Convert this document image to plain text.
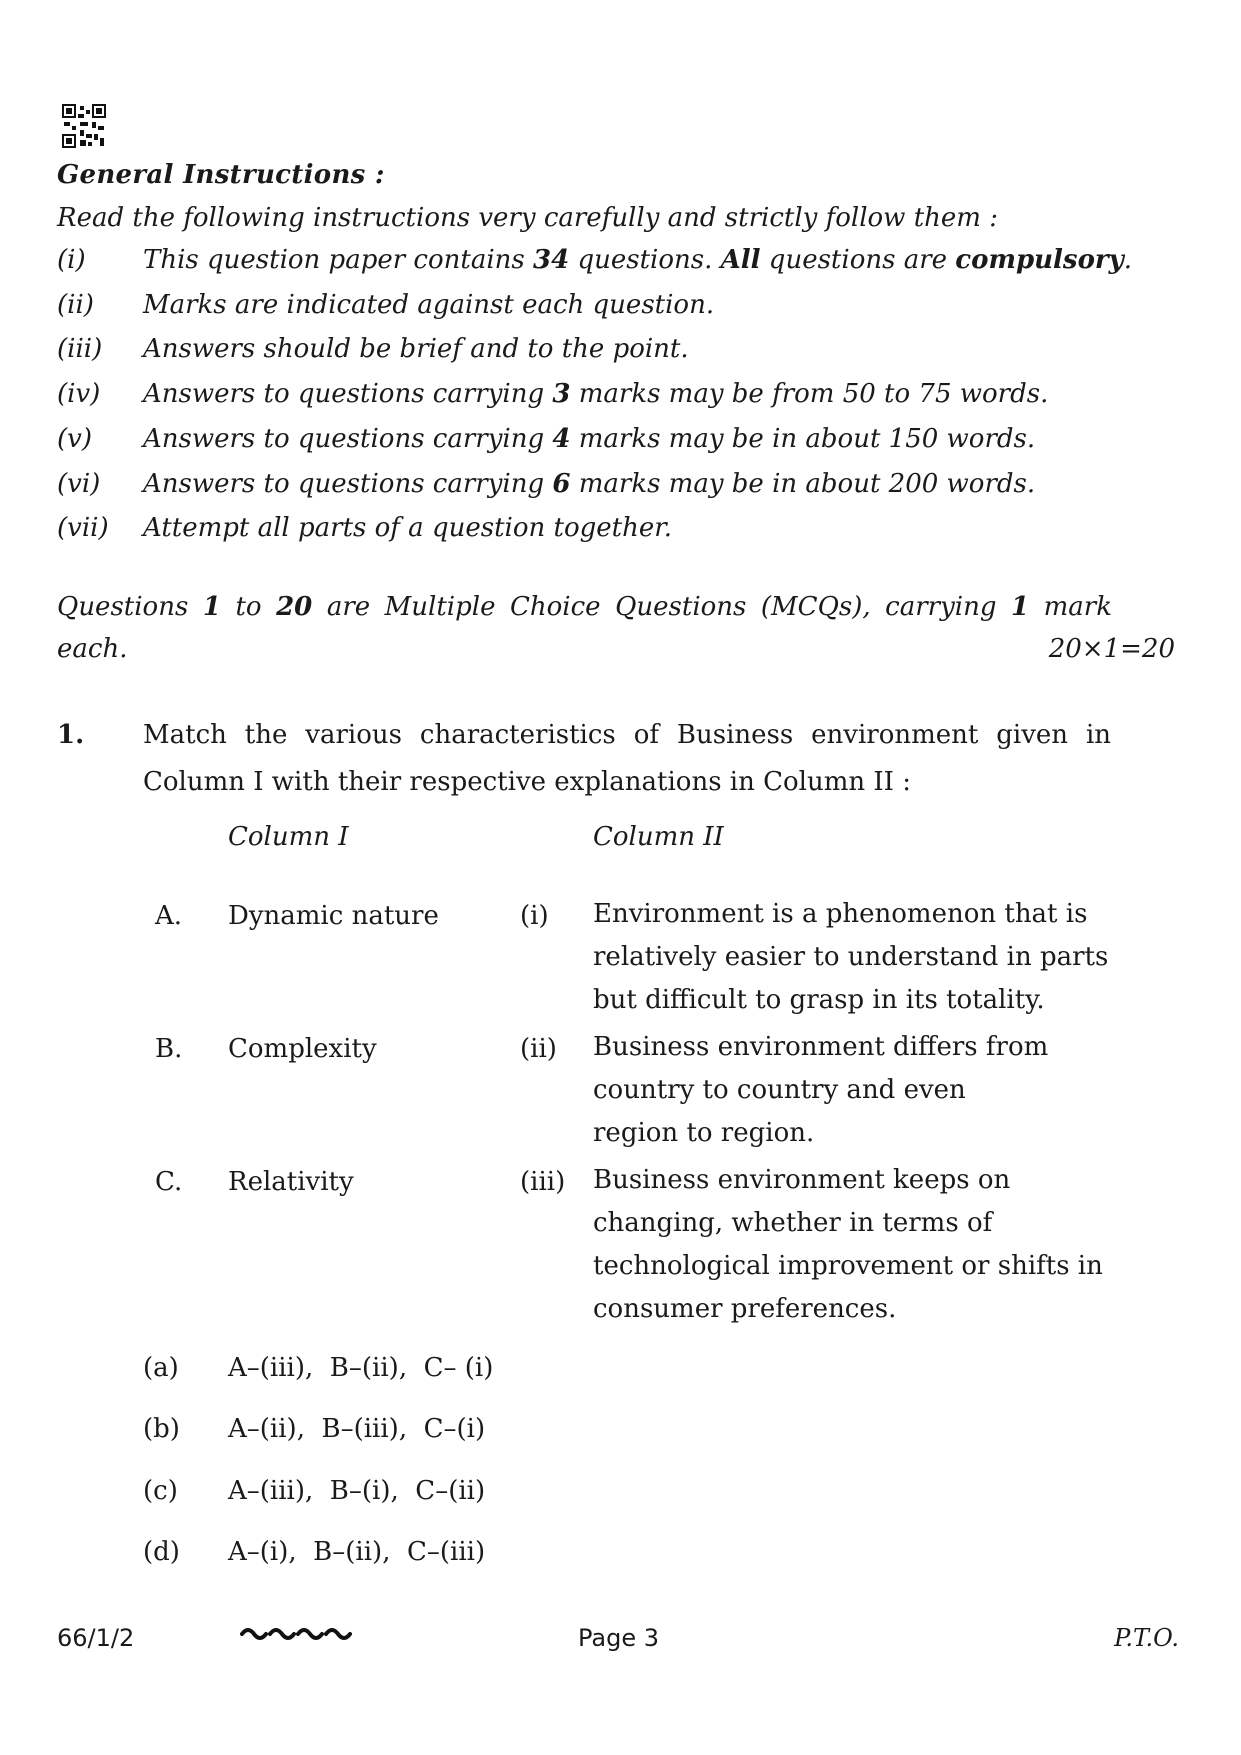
General Instructions :
Read the following instructions very carefully and strictly follow them :
(i) This question paper contains 34 questions. All questions are compulsory.
(ii) Marks are indicated against each question.
(iii) Answers should be brief and to the point.
(iv) Answers to questions carrying 3 marks may be from 50 to 75 words.
(v) Answers to questions carrying 4 marks may be in about 150 words.
(vi) Answers to questions carrying 6 marks may be in about 200 words.
(vii) Attempt all parts of a question together.
Questions 1 to 20 are Multiple Choice Questions (MCQs), carrying 1 mark
each.	20×1=20
1. Match the various characteristics of Business environment given in
Column I with their respective explanations in Column II :
Column I	Column II
A. Dynamic nature	(i) Environment is a phenomenon that is
relatively easier to understand in parts
but difficult to grasp in its totality.
B. Complexity	(ii) Business environment differs from
country to country and even
region to region.
C. Relativity	(iii) Business environment keeps on
changing, whether in terms of
technological improvement or shifts in
consumer preferences.
(a) A–(iii),  B–(ii),  C– (i)
(b) A–(ii),  B–(iii),  C–(i)
(c) A–(iii),  B–(i),  C–(ii)
(d) A–(i),  B–(ii),  C–(iii)
66/1/2	Page 3	P.T.O.
